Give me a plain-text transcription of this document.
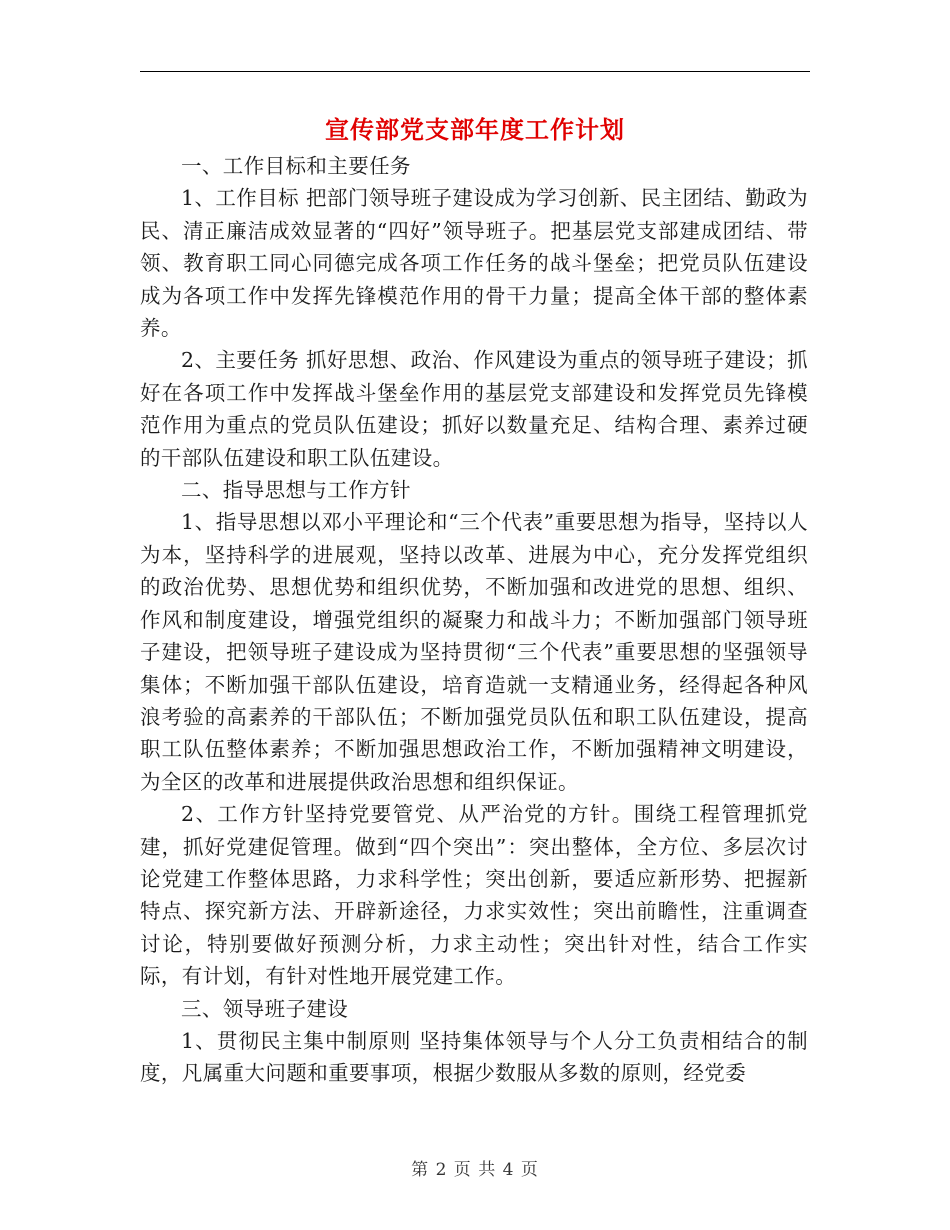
宣传部党支部年度工作计划

一、工作目标和主要任务

1、工作目标 把部门领导班子建设成为学习创新、民主团结、勤政为民、清正廉洁成效显著的“四好”领导班子。把基层党支部建成团结、带领、教育职工同心同德完成各项工作任务的战斗堡垒；把党员队伍建设成为各项工作中发挥先锋模范作用的骨干力量；提高全体干部的整体素养。

2、主要任务 抓好思想、政治、作风建设为重点的领导班子建设；抓好在各项工作中发挥战斗堡垒作用的基层党支部建设和发挥党员先锋模范作用为重点的党员队伍建设；抓好以数量充足、结构合理、素养过硬的干部队伍建设和职工队伍建设。

二、指导思想与工作方针

1、指导思想以邓小平理论和“三个代表”重要思想为指导，坚持以人为本，坚持科学的进展观，坚持以改革、进展为中心，充分发挥党组织的政治优势、思想优势和组织优势，不断加强和改进党的思想、组织、作风和制度建设，增强党组织的凝聚力和战斗力；不断加强部门领导班子建设，把领导班子建设成为坚持贯彻“三个代表”重要思想的坚强领导集体；不断加强干部队伍建设，培育造就一支精通业务，经得起各种风浪考验的高素养的干部队伍；不断加强党员队伍和职工队伍建设，提高职工队伍整体素养；不断加强思想政治工作，不断加强精神文明建设，为全区的改革和进展提供政治思想和组织保证。

2、工作方针坚持党要管党、从严治党的方针。围绕工程管理抓党建，抓好党建促管理。做到“四个突出”：突出整体，全方位、多层次讨论党建工作整体思路，力求科学性；突出创新，要适应新形势、把握新特点、探究新方法、开辟新途径，力求实效性；突出前瞻性，注重调查讨论，特别要做好预测分析，力求主动性；突出针对性，结合工作实际，有计划，有针对性地开展党建工作。

三、领导班子建设

1、贯彻民主集中制原则 坚持集体领导与个人分工负责相结合的制度，凡属重大问题和重要事项，根据少数服从多数的原则，经党委

第 2 页 共 4 页
